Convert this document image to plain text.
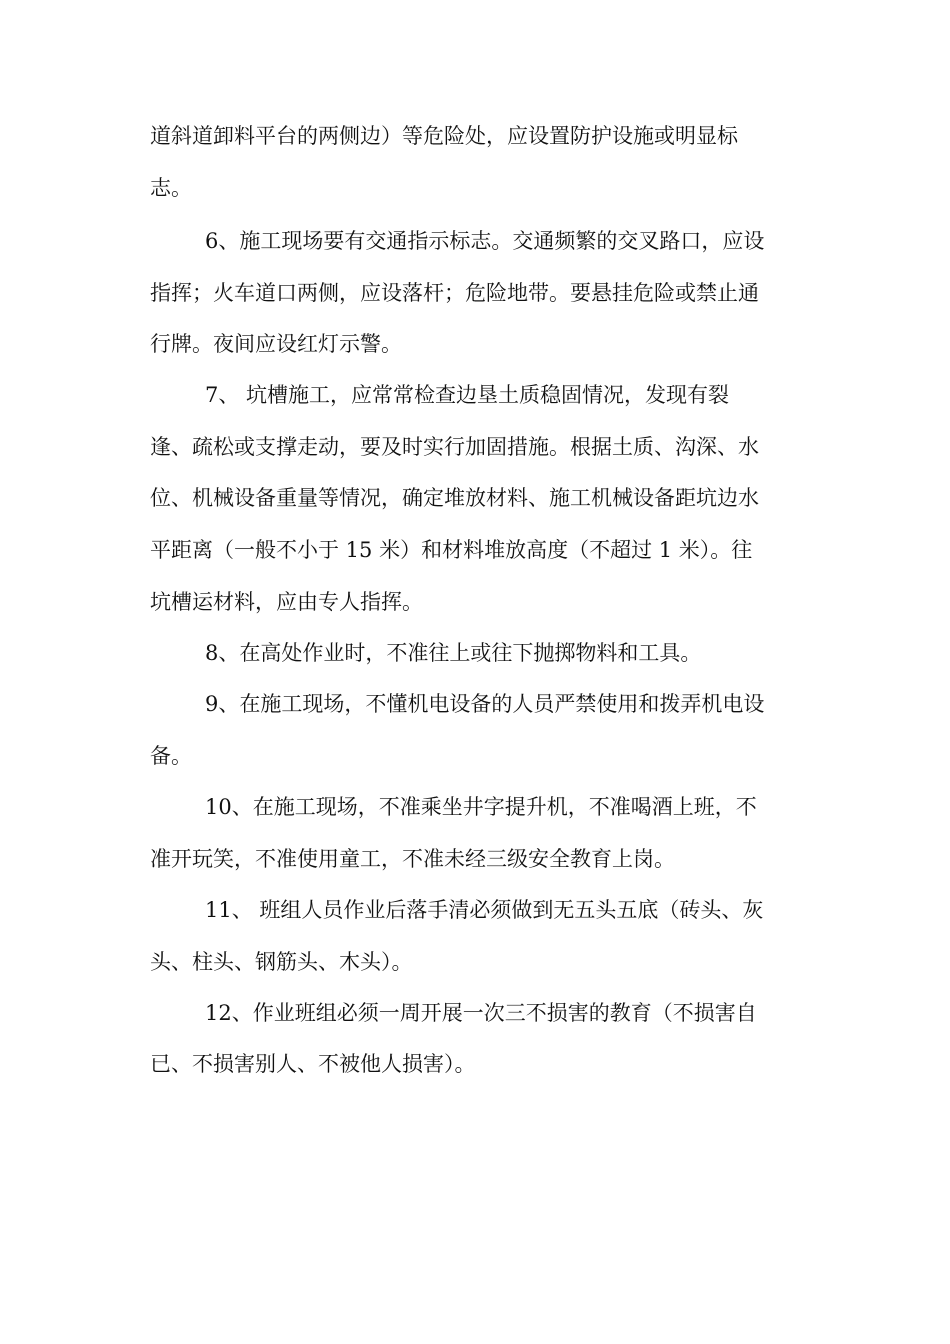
道斜道卸料平台的两侧边）等危险处，应设置防护设施或明显标
志。
6、施工现场要有交通指示标志。交通频繁的交叉路口，应设
指挥；火车道口两侧，应设落杆；危险地带。要悬挂危险或禁止通
行牌。夜间应设红灯示警。
7、 坑槽施工，应常常检查边垦土质稳固情况，发现有裂
逢、疏松或支撑走动，要及时实行加固措施。根据土质、沟深、水
位、机械设备重量等情况，确定堆放材料、施工机械设备距坑边水
平距离（一般不小于 15 米）和材料堆放高度（不超过 1 米）。往
坑槽运材料，应由专人指挥。
8、在高处作业时，不准往上或往下抛掷物料和工具。
9、在施工现场，不懂机电设备的人员严禁使用和拨弄机电设
备。
10、在施工现场，不准乘坐井字提升机，不准喝酒上班，不
准开玩笑，不准使用童工，不准未经三级安全教育上岗。
11、 班组人员作业后落手清必须做到无五头五底（砖头、灰
头、柱头、钢筋头、木头）。
12、作业班组必须一周开展一次三不损害的教育（不损害自
已、不损害别人、不被他人损害）。
